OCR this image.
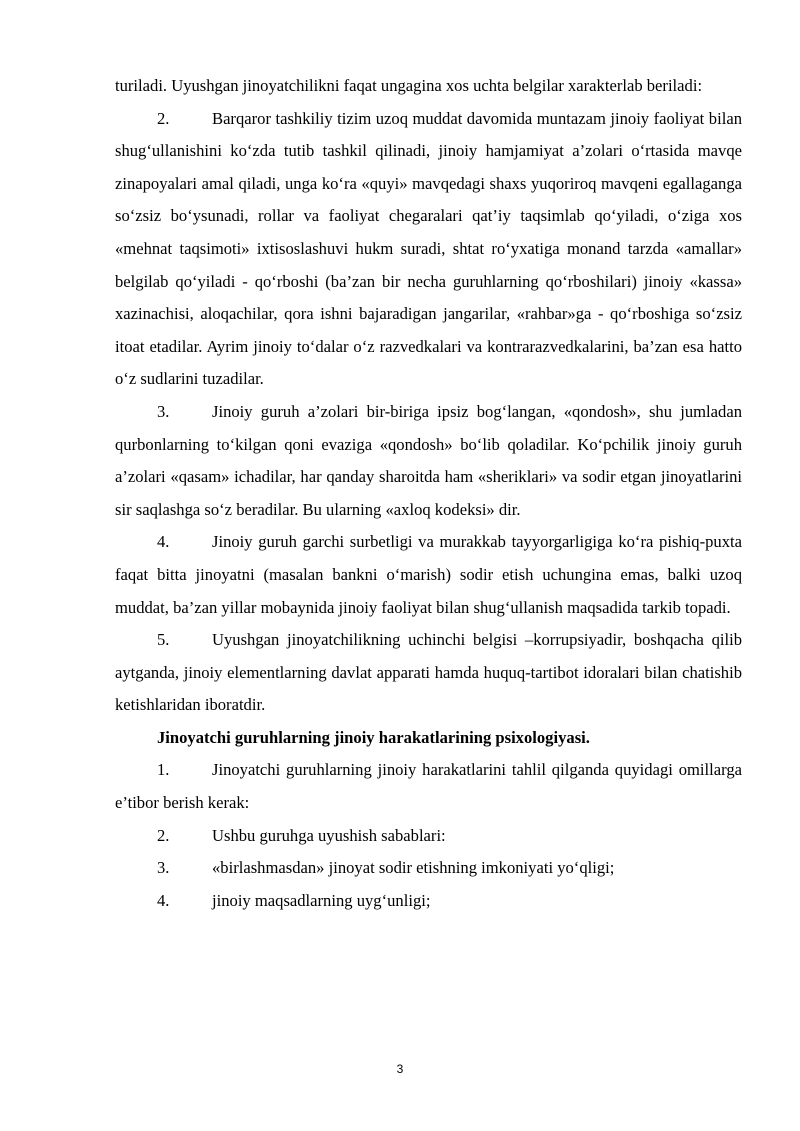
turiladi. Uyushgan jinoyatchilikni faqat ungagina xos uchta belgilar xarakterlab beriladi:

2.	Barqaror tashkiliy tizim uzoq muddat davomida muntazam jinoiy faoliyat bilan shug‘ullanishini ko‘zda tutib tashkil qilinadi, jinoiy hamjamiyat a’zolari o‘rtasida mavqe zinapoyalari amal qiladi, unga ko‘ra «quyi» mavqedagi shaxs yuqoriroq mavqeni egallaganga so‘zsiz bo‘ysunadi, rollar va faoliyat chegaralari qat’iy taqsimlab qo‘yiladi, o‘ziga xos «mehnat taqsimoti» ixtisoslashuvi hukm suradi, shtat ro‘yxatiga monand tarzda «amallar» belgilab qo‘yiladi - qo‘rboshi (ba’zan bir necha guruhlarning qo‘rboshilari) jinoiy «kassa» xazinachisi, aloqachilar, qora ishni bajaradigan jangarilar, «rahbar»ga - qo‘rboshiga so‘zsiz itoat etadilar. Ayrim jinoiy to‘dalar o‘z razvedkalari va kontrarazvedkalarini, ba’zan esa hatto o‘z sudlarini tuzadilar.

3.	Jinoiy guruh a’zolari bir-biriga ipsiz bog‘langan, «qondosh», shu jumladan qurbonlarning to‘kilgan qoni evaziga «qondosh» bo‘lib qoladilar. Ko‘pchilik jinoiy guruh a’zolari «qasam» ichadilar, har qanday sharoitda ham «sheriklari» va sodir etgan jinoyatlarini sir saqlashga so‘z beradilar. Bu ularning «axloq kodeksi» dir.

4.	Jinoiy guruh garchi surbetligi va murakkab tayyorgarligiga ko‘ra pishiq-puxta faqat bitta jinoyatni (masalan bankni o‘marish) sodir etish uchungina emas, balki uzoq muddat, ba’zan yillar mobaynida jinoiy faoliyat bilan shug‘ullanish maqsadida tarkib topadi.

5.	Uyushgan jinoyatchilikning uchinchi belgisi –korrupsiyadir, boshqacha qilib aytganda, jinoiy elementlarning davlat apparati hamda huquq-tartibot idoralari bilan chatishib ketishlaridan iboratdir.

Jinoyatchi guruhlarning jinoiy harakatlarining psixologiyasi.

1.	Jinoyatchi guruhlarning jinoiy harakatlarini tahlil qilganda quyidagi omillarga e’tibor berish kerak:

2.	Ushbu guruhga uyushish sabablari:

3.	«birlashmasdan» jinoyat sodir etishning imkoniyati yo‘qligi;

4.	jinoiy maqsadlarning uyg‘unligi;

3
